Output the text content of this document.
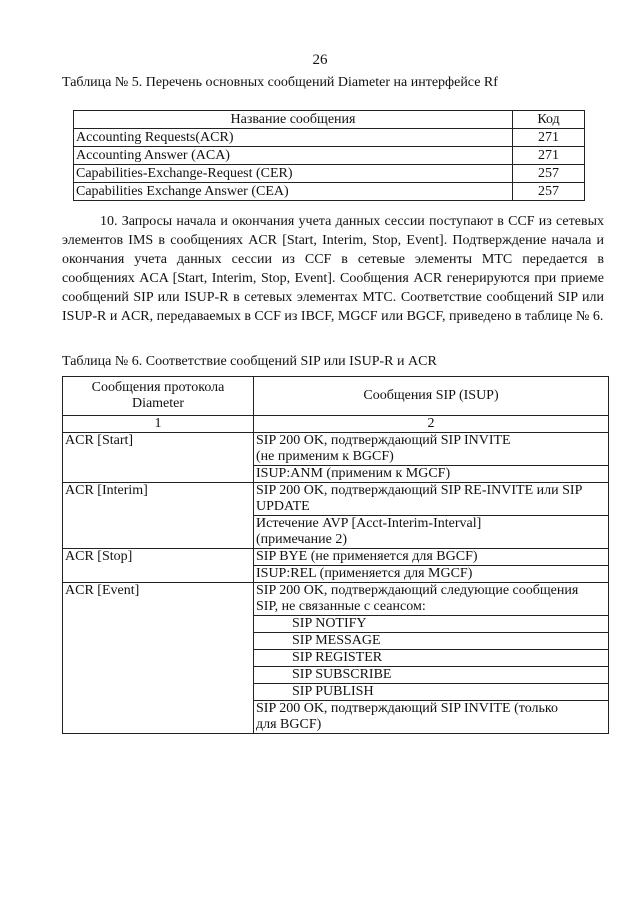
26
Таблица № 5. Перечень основных сообщений Diameter на интерфейсе Rf
Название сообщения	Код
Accounting Requests(ACR)	271
Accounting Answer (ACA)	271
Capabilities-Exchange-Request (CER)	257
Capabilities Exchange Answer (CEA)	257

10. Запросы начала и окончания учета данных сессии поступают в CCF из сетевых элементов IMS в сообщениях ACR [Start, Interim, Stop, Event]. Подтверждение начала и окончания учета данных сессии из CCF в сетевые элементы МТС передается в сообщениях ACA [Start, Interim, Stop, Event]. Сообщения ACR генерируются при приеме сообщений SIP или ISUP-R в сетевых элементах МТС. Соответствие сообщений SIP или ISUP-R и ACR, передаваемых в CCF из IBCF, MGCF или BGCF, приведено в таблице № 6.

Таблица № 6. Соответствие сообщений SIP или ISUP-R и ACR
Сообщения протокола Diameter	Сообщения SIP (ISUP)
1	2
ACR [Start]	SIP 200 OK, подтверждающий SIP INVITE
(не применим к BGCF)

	ISUP:ANM (применим к MGCF)
ACR [Interim]	SIP 200 OK, подтверждающий SIP RE-INVITE или SIP
UPDATE

	Истечение AVP [Acct-Interim-Interval]
(примечание 2)

ACR [Stop]	SIP BYE (не применяется для BGCF)
	ISUP:REL (применяется для MGCF)
ACR [Event]	SIP 200 OK, подтверждающий следующие сообщения
SIP, не связанные с сеансом:

	SIP NOTIFY
	SIP MESSAGE
	SIP REGISTER
	SIP SUBSCRIBE
	SIP PUBLISH

	SIP 200 OK, подтверждающий SIP INVITE (только
для BGCF)
